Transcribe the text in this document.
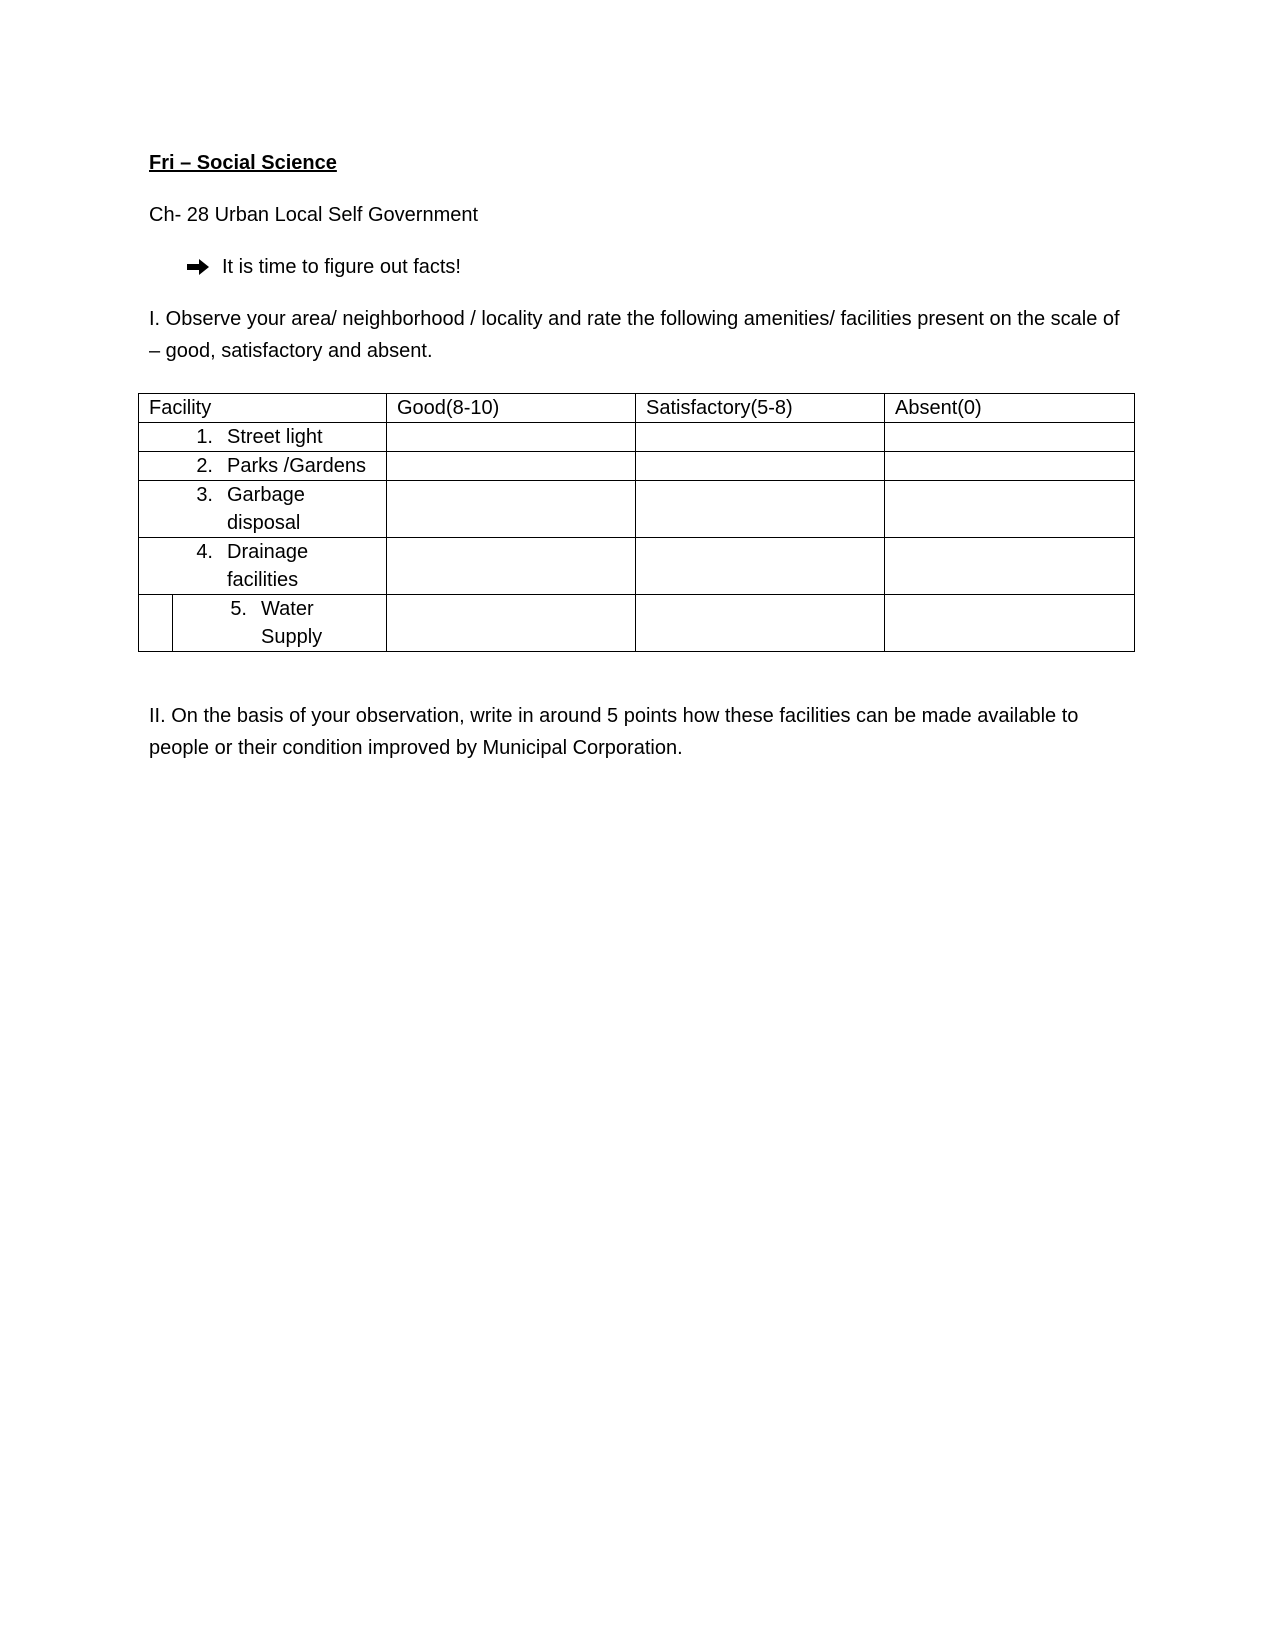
Fri – Social Science
Ch- 28 Urban Local Self Government
It is time to figure out facts!
I. Observe your area/ neighborhood / locality and rate the following amenities/ facilities present on the scale of – good, satisfactory and absent.
Facility	Good(8-10)	Satisfactory(5-8)	Absent(0)

1. Street light			

2. Parks /Gardens			

3. Garbage disposal			

4. Drainage facilities			

5. Water Supply			

II. On the basis of your observation, write in around 5 points how these facilities can be made available to people or their condition improved by Municipal Corporation.
